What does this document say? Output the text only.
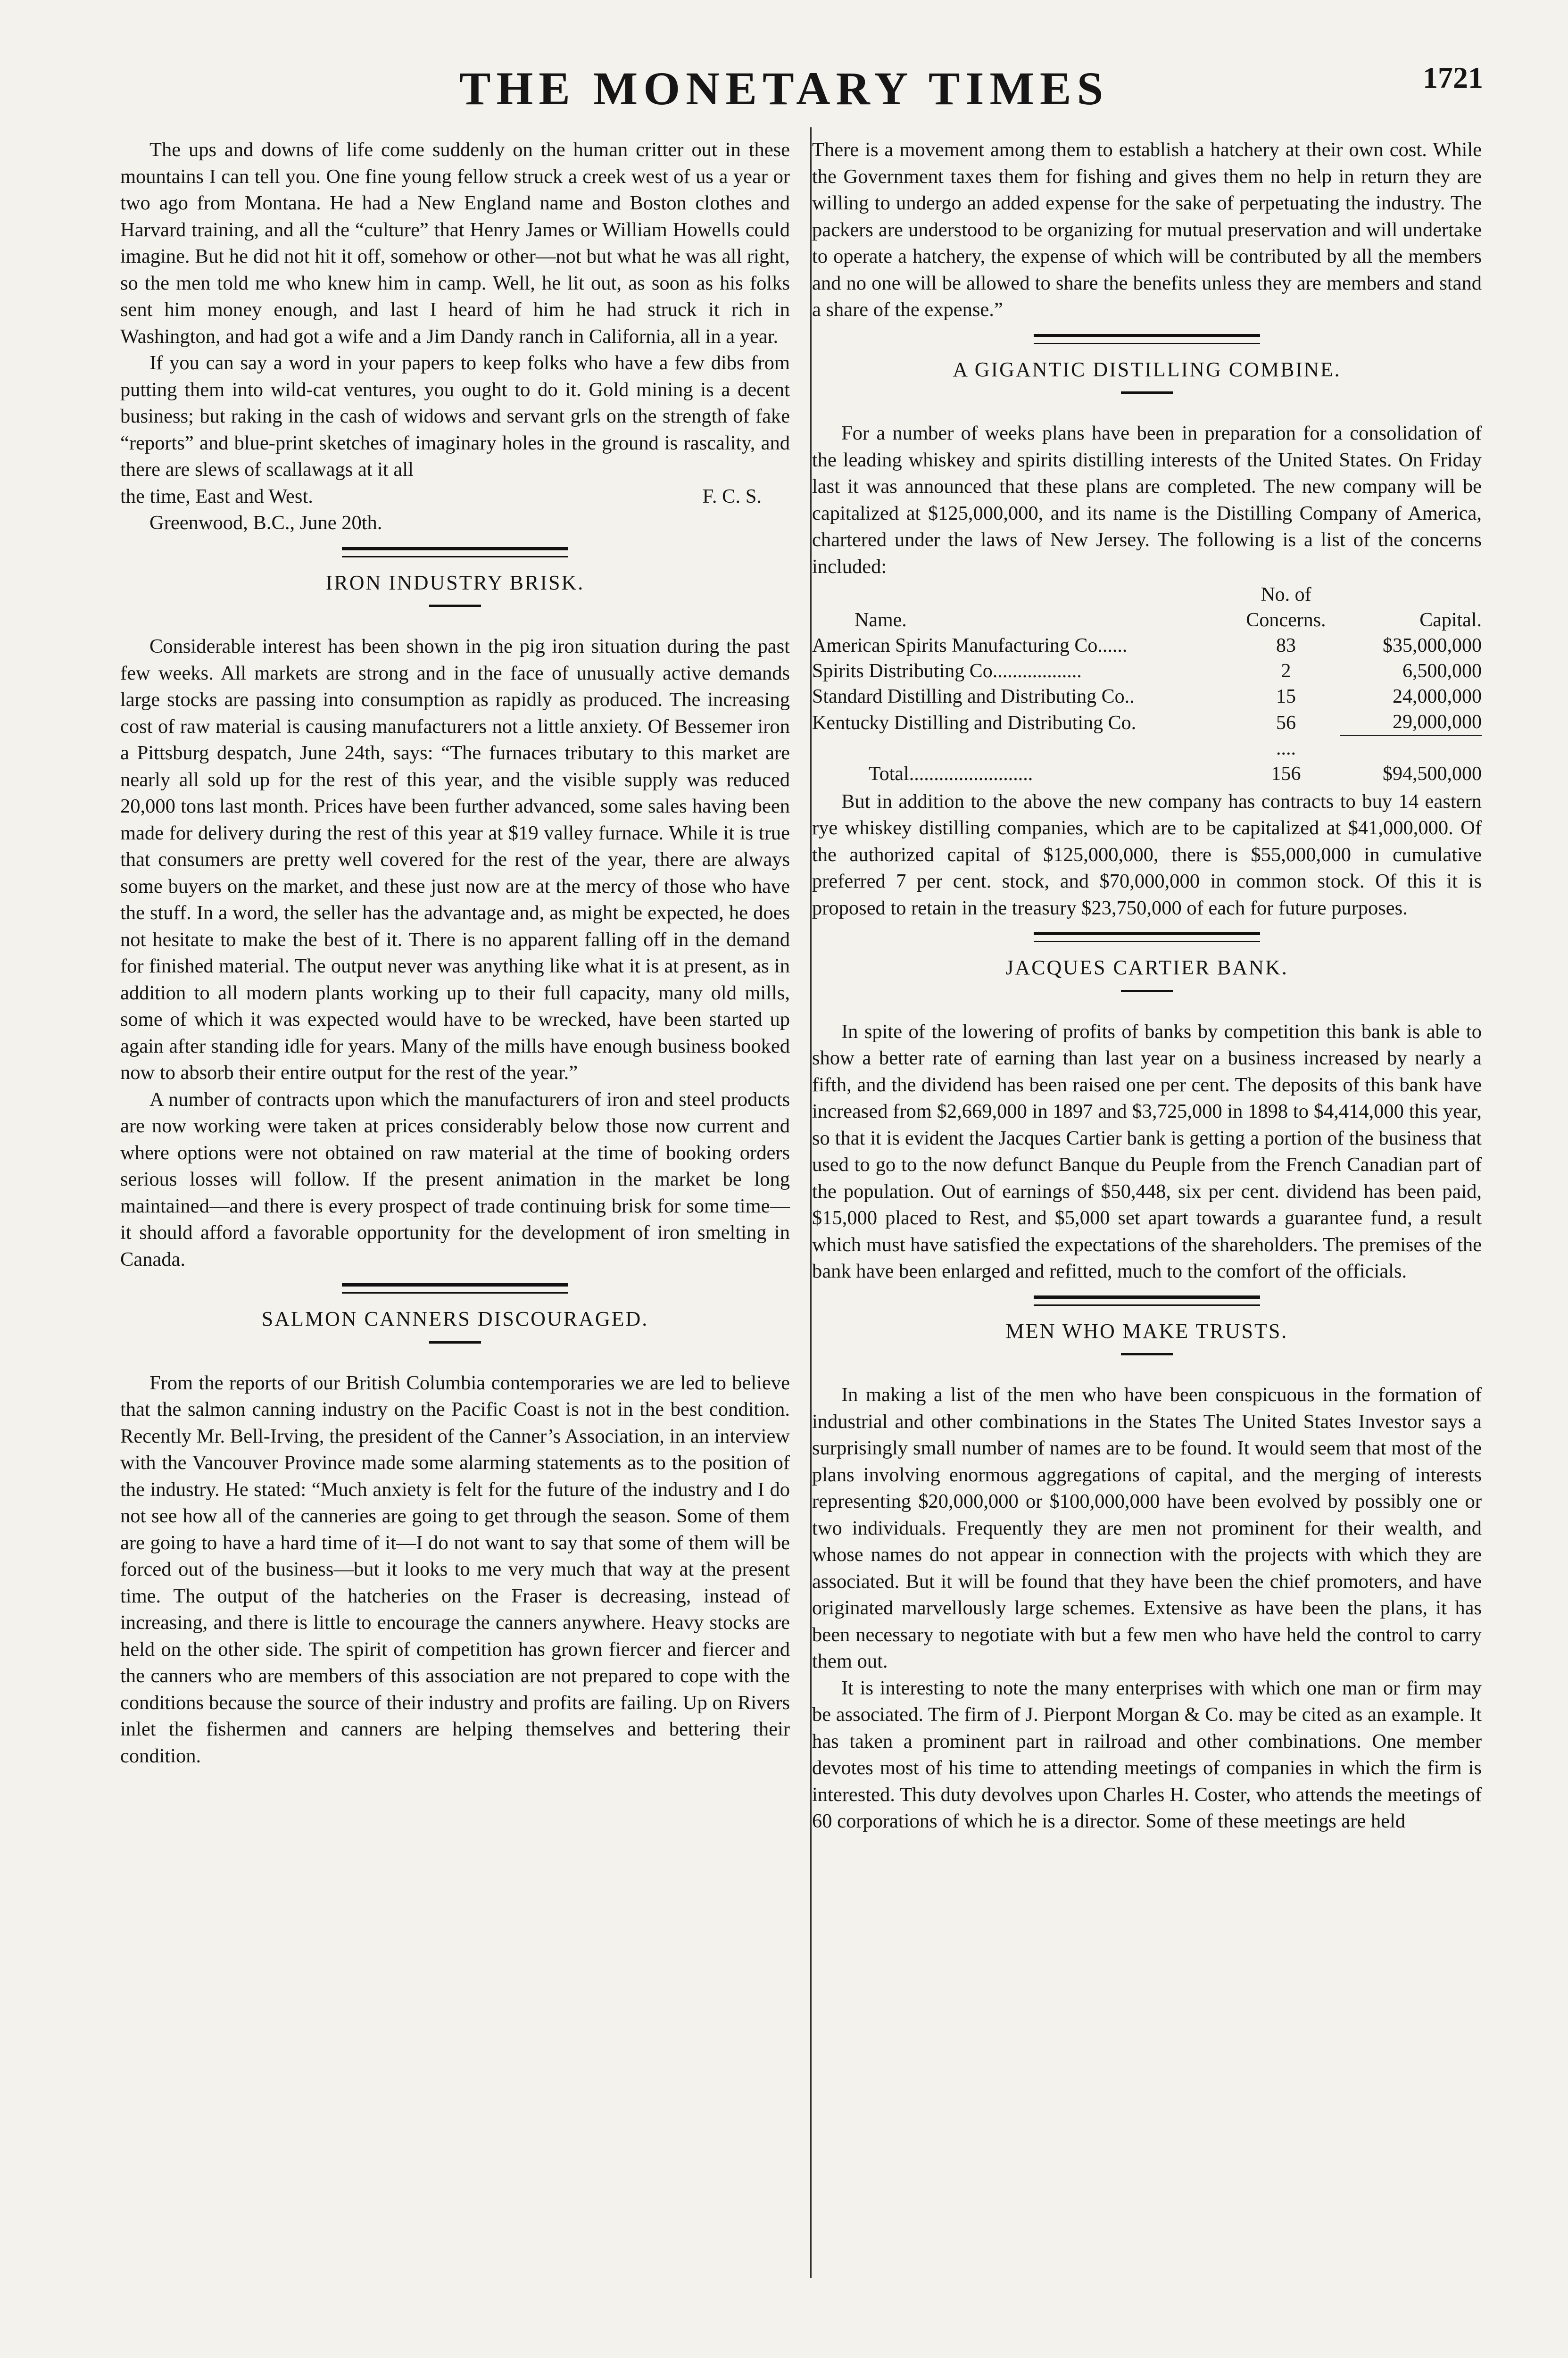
THE MONETARY TIMES	1721

The ups and downs of life come suddenly on the human critter out in these mountains I can tell you. One fine young fellow struck a creek west of us a year or two ago from Montana. He had a New England name and Boston clothes and Harvard training, and all the “culture” that Henry James or William Howells could imagine. But he did not hit it off, somehow or other—not but what he was all right, so the men told me who knew him in camp. Well, he lit out, as soon as his folks sent him money enough, and last I heard of him he had struck it rich in Washington, and had got a wife and a Jim Dandy ranch in California, all in a year.

If you can say a word in your papers to keep folks who have a few dibs from putting them into wild-cat ventures, you ought to do it. Gold mining is a decent business; but raking in the cash of widows and servant grls on the strength of fake “reports” and blue-print sketches of imaginary holes in the ground is rascality, and there are slews of scallawags at it all

the time, East and West.	F. C. S.

Greenwood, B.C., June 20th.

IRON INDUSTRY BRISK.

Considerable interest has been shown in the pig iron situation during the past few weeks. All markets are strong and in the face of unusually active demands large stocks are passing into consumption as rapidly as produced. The increasing cost of raw material is causing manufacturers not a little anxiety. Of Bessemer iron a Pittsburg despatch, June 24th, says: “The furnaces tributary to this market are nearly all sold up for the rest of this year, and the visible supply was reduced 20,000 tons last month. Prices have been further advanced, some sales having been made for delivery during the rest of this year at $19 valley furnace. While it is true that consumers are pretty well covered for the rest of the year, there are always some buyers on the market, and these just now are at the mercy of those who have the stuff. In a word, the seller has the advantage and, as might be expected, he does not hesitate to make the best of it. There is no apparent falling off in the demand for finished material. The output never was anything like what it is at present, as in addition to all modern plants working up to their full capacity, many old mills, some of which it was expected would have to be wrecked, have been started up again after standing idle for years. Many of the mills have enough business booked now to absorb their entire output for the rest of the year.”

A number of contracts upon which the manufacturers of iron and steel products are now working were taken at prices considerably below those now current and where options were not obtained on raw material at the time of booking orders serious losses will follow. If the present animation in the market be long maintained—and there is every prospect of trade continuing brisk for some time—it should afford a favorable opportunity for the development of iron smelting in Canada.

SALMON CANNERS DISCOURAGED.

From the reports of our British Columbia contemporaries we are led to believe that the salmon canning industry on the Pacific Coast is not in the best condition. Recently Mr. Bell-Irving, the president of the Canner’s Association, in an interview with the Vancouver Province made some alarming statements as to the position of the industry. He stated: “Much anxiety is felt for the future of the industry and I do not see how all of the canneries are going to get through the season. Some of them are going to have a hard time of it—I do not want to say that some of them will be forced out of the business—but it looks to me very much that way at the present time. The output of the hatcheries on the Fraser is decreasing, instead of increasing, and there is little to encourage the canners anywhere. Heavy stocks are held on the other side. The spirit of competition has grown fiercer and fiercer and the canners who are members of this association are not prepared to cope with the conditions because the source of their industry and profits are failing. Up on Rivers inlet the fishermen and canners are helping themselves and bettering their condition.

There is a movement among them to establish a hatchery at their own cost. While the Government taxes them for fishing and gives them no help in return they are willing to undergo an added expense for the sake of perpetuating the industry. The packers are understood to be organizing for mutual preservation and will undertake to operate a hatchery, the expense of which will be contributed by all the members and no one will be allowed to share the benefits unless they are members and stand a share of the expense.”

A GIGANTIC DISTILLING COMBINE.

For a number of weeks plans have been in preparation for a consolidation of the leading whiskey and spirits distilling interests of the United States. On Friday last it was announced that these plans are completed. The new company will be capitalized at $125,000,000, and its name is the Distilling Company of America, chartered under the laws of New Jersey. The following is a list of the concerns included:

Name.	No. of Concerns.	Capital.
American Spirits Manufacturing Co......	83	$35,000,000
Spirits Distributing Co..................	2	6,500,000
Standard Distilling and Distributing Co..	15	24,000,000
Kentucky Distilling and Distributing Co.	56	29,000,000
	....	
Total.........................	156	$94,500,000

But in addition to the above the new company has contracts to buy 14 eastern rye whiskey distilling companies, which are to be capitalized at $41,000,000. Of the authorized capital of $125,000,000, there is $55,000,000 in cumulative preferred 7 per cent. stock, and $70,000,000 in common stock. Of this it is proposed to retain in the treasury $23,750,000 of each for future purposes.

JACQUES CARTIER BANK.

In spite of the lowering of profits of banks by competition this bank is able to show a better rate of earning than last year on a business increased by nearly a fifth, and the dividend has been raised one per cent. The deposits of this bank have increased from $2,669,000 in 1897 and $3,725,000 in 1898 to $4,414,000 this year, so that it is evident the Jacques Cartier bank is getting a portion of the business that used to go to the now defunct Banque du Peuple from the French Canadian part of the population. Out of earnings of $50,448, six per cent. dividend has been paid, $15,000 placed to Rest, and $5,000 set apart towards a guarantee fund, a result which must have satisfied the expectations of the shareholders. The premises of the bank have been enlarged and refitted, much to the comfort of the officials.

MEN WHO MAKE TRUSTS.

In making a list of the men who have been conspicuous in the formation of industrial and other combinations in the States The United States Investor says a surprisingly small number of names are to be found. It would seem that most of the plans involving enormous aggregations of capital, and the merging of interests representing $20,000,000 or $100,000,000 have been evolved by possibly one or two individuals. Frequently they are men not prominent for their wealth, and whose names do not appear in connection with the projects with which they are associated. But it will be found that they have been the chief promoters, and have originated marvellously large schemes. Extensive as have been the plans, it has been necessary to negotiate with but a few men who have held the control to carry them out.

It is interesting to note the many enterprises with which one man or firm may be associated. The firm of J. Pierpont Morgan & Co. may be cited as an example. It has taken a prominent part in railroad and other combinations. One member devotes most of his time to attending meetings of companies in which the firm is interested. This duty devolves upon Charles H. Coster, who attends the meetings of 60 corporations of which he is a director. Some of these meetings are held
